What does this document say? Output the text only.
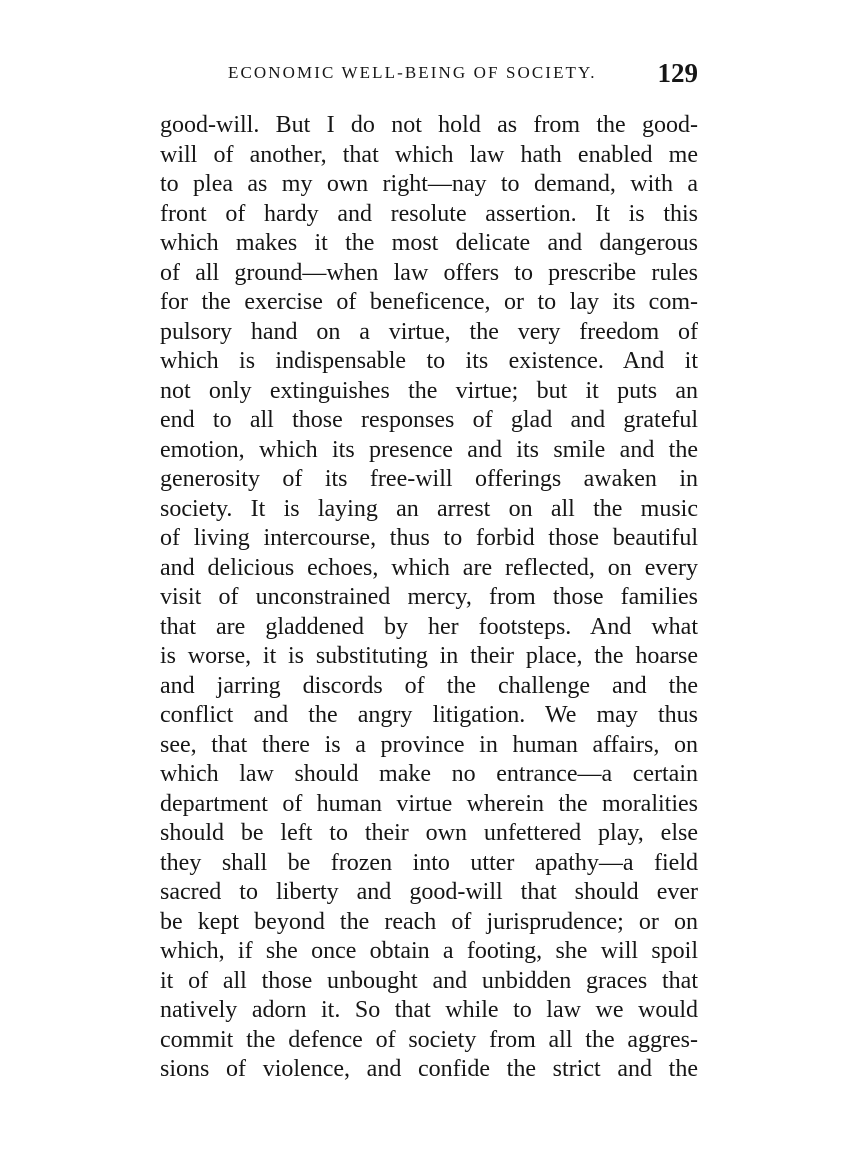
ECONOMIC WELL-BEING OF SOCIETY. 129
good-will. But I do not hold as from the good-
will of another, that which law hath enabled me
to plea as my own right—nay to demand, with a
front of hardy and resolute assertion. It is this
which makes it the most delicate and dangerous
of all ground—when law offers to prescribe rules
for the exercise of beneficence, or to lay its com-
pulsory hand on a virtue, the very freedom of
which is indispensable to its existence. And it
not only extinguishes the virtue; but it puts an
end to all those responses of glad and grateful
emotion, which its presence and its smile and the
generosity of its free-will offerings awaken in
society. It is laying an arrest on all the music
of living intercourse, thus to forbid those beautiful
and delicious echoes, which are reflected, on every
visit of unconstrained mercy, from those families
that are gladdened by her footsteps. And what
is worse, it is substituting in their place, the hoarse
and jarring discords of the challenge and the
conflict and the angry litigation. We may thus
see, that there is a province in human affairs, on
which law should make no entrance—a certain
department of human virtue wherein the moralities
should be left to their own unfettered play, else
they shall be frozen into utter apathy—a field
sacred to liberty and good-will that should ever
be kept beyond the reach of jurisprudence; or on
which, if she once obtain a footing, she will spoil
it of all those unbought and unbidden graces that
natively adorn it. So that while to law we would
commit the defence of society from all the aggres-
sions of violence, and confide the strict and the
